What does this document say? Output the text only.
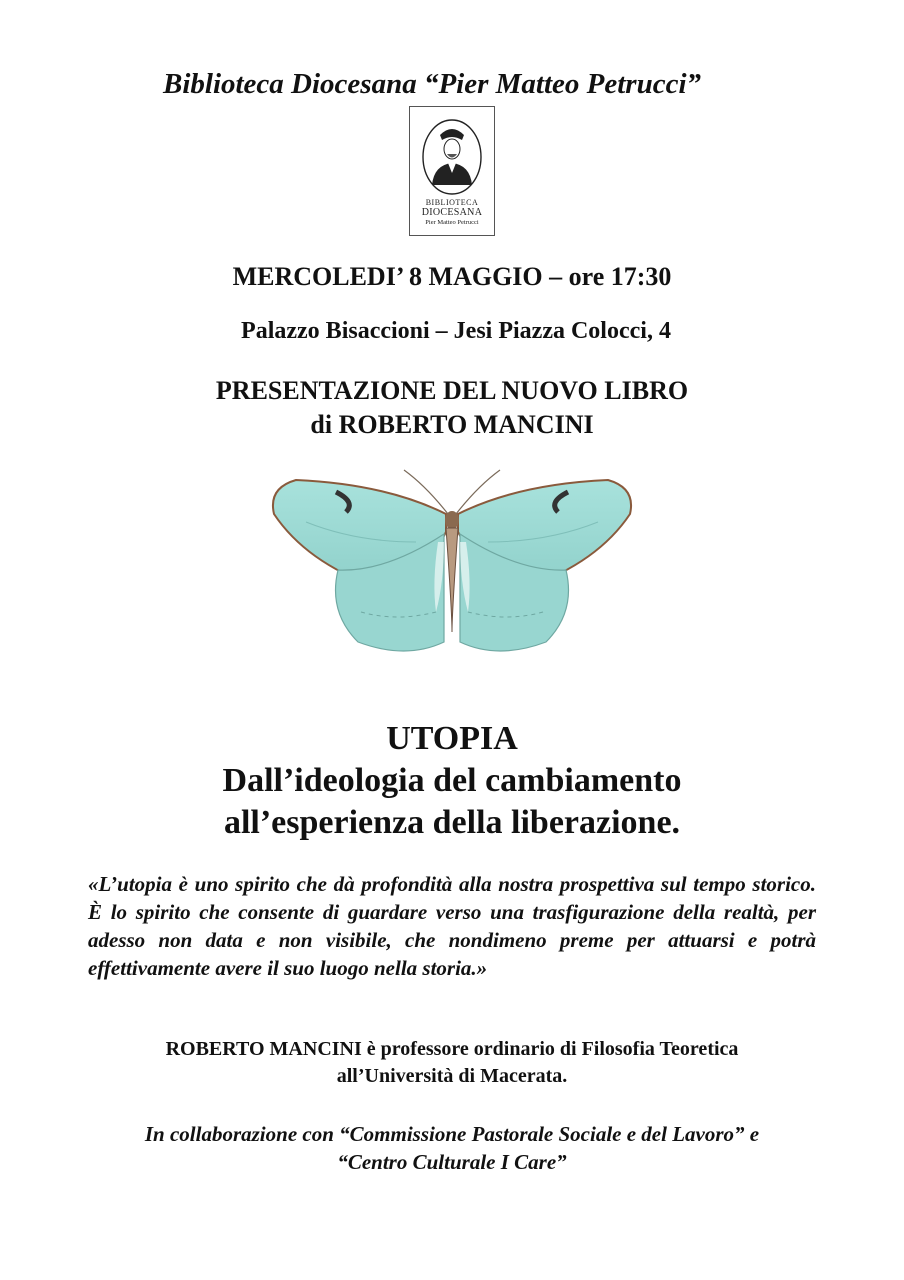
Biblioteca Diocesana “Pier Matteo Petrucci”
BIBLIOTECA
DIOCESANA
Pier Matteo Petrucci
MERCOLEDI’ 8 MAGGIO – ore 17:30
Palazzo Bisaccioni – Jesi Piazza Colocci, 4
PRESENTAZIONE DEL NUOVO LIBRO
di ROBERTO MANCINI
UTOPIA
Dall’ideologia del cambiamento
all’esperienza della liberazione.
«L’utopia è uno spirito che dà profondità alla nostra prospettiva sul tempo storico. È lo spirito che consente di guardare verso una trasfigurazione della realtà, per adesso non data e non visibile, che nondimeno preme per attuarsi e potrà effettivamente avere il suo luogo nella storia.»
ROBERTO MANCINI è professore ordinario di Filosofia Teoretica
all’Università di Macerata.
In collaborazione con “Commissione Pastorale Sociale e del Lavoro” e
“Centro Culturale I Care”
